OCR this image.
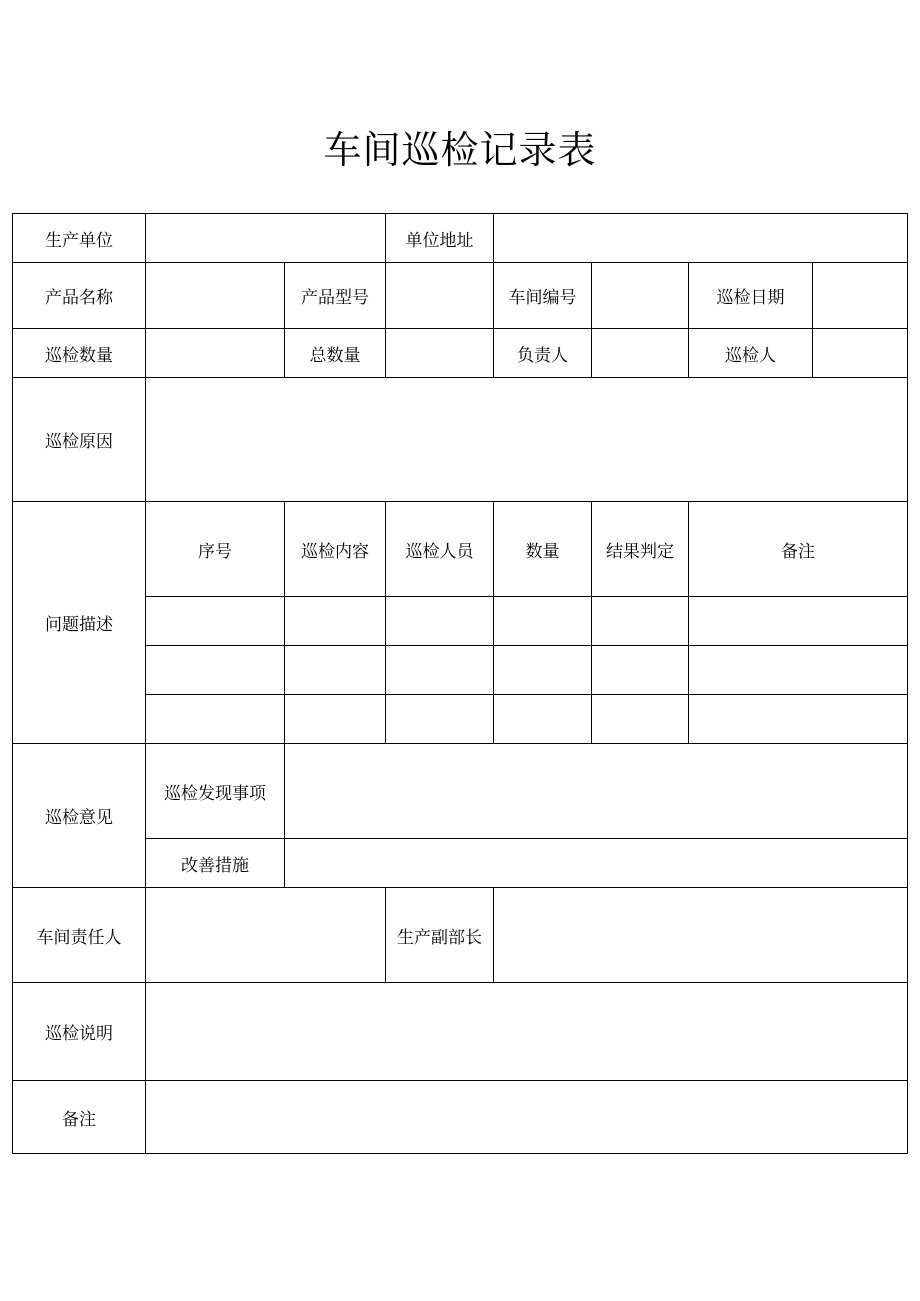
车间巡检记录表
生产单位			单位地址				
产品名称		产品型号		车间编号		巡检日期	
巡检数量		总数量		负责人		巡检人	
巡检原因							
问题描述	序号	巡检内容	巡检人员	数量	结果判定	备注	

巡检意见	巡检发现事项						
	改善措施						
车间责任人			生产副部长				
巡检说明							
备注							
